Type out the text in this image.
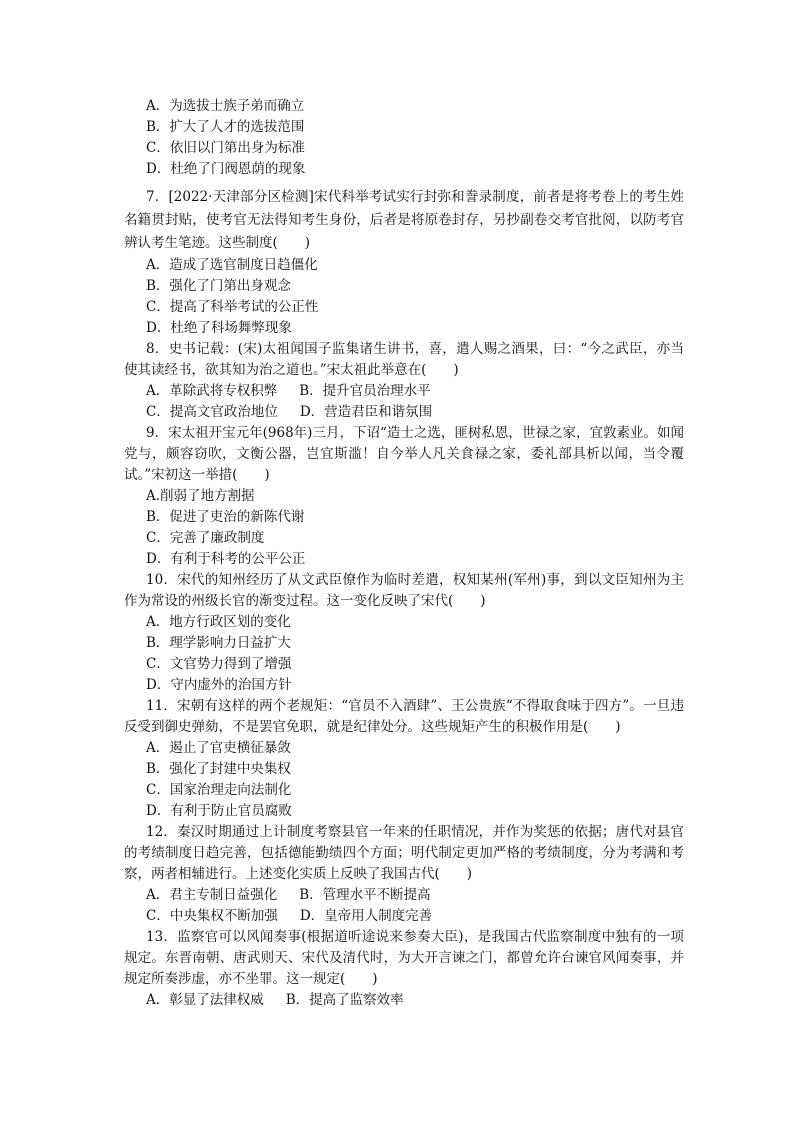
A．为选拔士族子弟而确立
B．扩大了人才的选拔范围
C．依旧以门第出身为标准
D．杜绝了门阀恩荫的现象

7．[2022·天津部分区检测]宋代科举考试实行封弥和誊录制度，前者是将考卷上的考生姓名籍贯封贴，使考官无法得知考生身份，后者是将原卷封存，另抄副卷交考官批阅，以防考官辨认考生笔迹。这些制度(　　)

A．造成了选官制度日趋僵化
B．强化了门第出身观念
C．提高了科举考试的公正性
D．杜绝了科场舞弊现象

8．史书记载：(宋)太祖闻国子监集诸生讲书，喜，遣人赐之酒果，曰：“今之武臣，亦当使其读经书，欲其知为治之道也。”宋太祖此举意在(　　)

A．革除武将专权积弊 B．提升官员治理水平
C．提高文官政治地位 D．营造君臣和谐氛围

9．宋太祖开宝元年(968年)三月，下诏“造士之选，匪树私恩，世禄之家，宜敦素业。如闻党与，颇容窃吹，文衡公器，岂宜斯滥！自今举人凡关食禄之家，委礼部具析以闻，当令覆试。”宋初这一举措(　　)

A.削弱了地方割据
B．促进了吏治的新陈代谢
C．完善了廉政制度
D．有利于科考的公平公正

10．宋代的知州经历了从文武臣僚作为临时差遣，权知某州(军州)事，到以文臣知州为主作为常设的州级长官的渐变过程。这一变化反映了宋代(　　)

A．地方行政区划的变化
B．理学影响力日益扩大
C．文官势力得到了增强
D．守内虚外的治国方针

11．宋朝有这样的两个老规矩：“官员不入酒肆”、王公贵族“不得取食味于四方”。一旦违反受到御史弹劾，不是罢官免职，就是纪律处分。这些规矩产生的积极作用是(　　)

A．遏止了官吏横征暴敛
B．强化了封建中央集权
C．国家治理走向法制化
D．有利于防止官员腐败

12．秦汉时期通过上计制度考察县官一年来的任职情况，并作为奖惩的依据；唐代对县官的考绩制度日趋完善，包括德能勤绩四个方面；明代制定更加严格的考绩制度，分为考满和考察，两者相辅进行。上述变化实质上反映了我国古代(　　)

A．君主专制日益强化 B．管理水平不断提高
C．中央集权不断加强 D．皇帝用人制度完善

13．监察官可以风闻奏事(根据道听途说来参奏大臣)，是我国古代监察制度中独有的一项规定。东晋南朝、唐武则天、宋代及清代时，为大开言谏之门，都曾允许台谏官风闻奏事，并规定所奏涉虚，亦不坐罪。这一规定(　　)

A．彰显了法律权威 B．提高了监察效率
